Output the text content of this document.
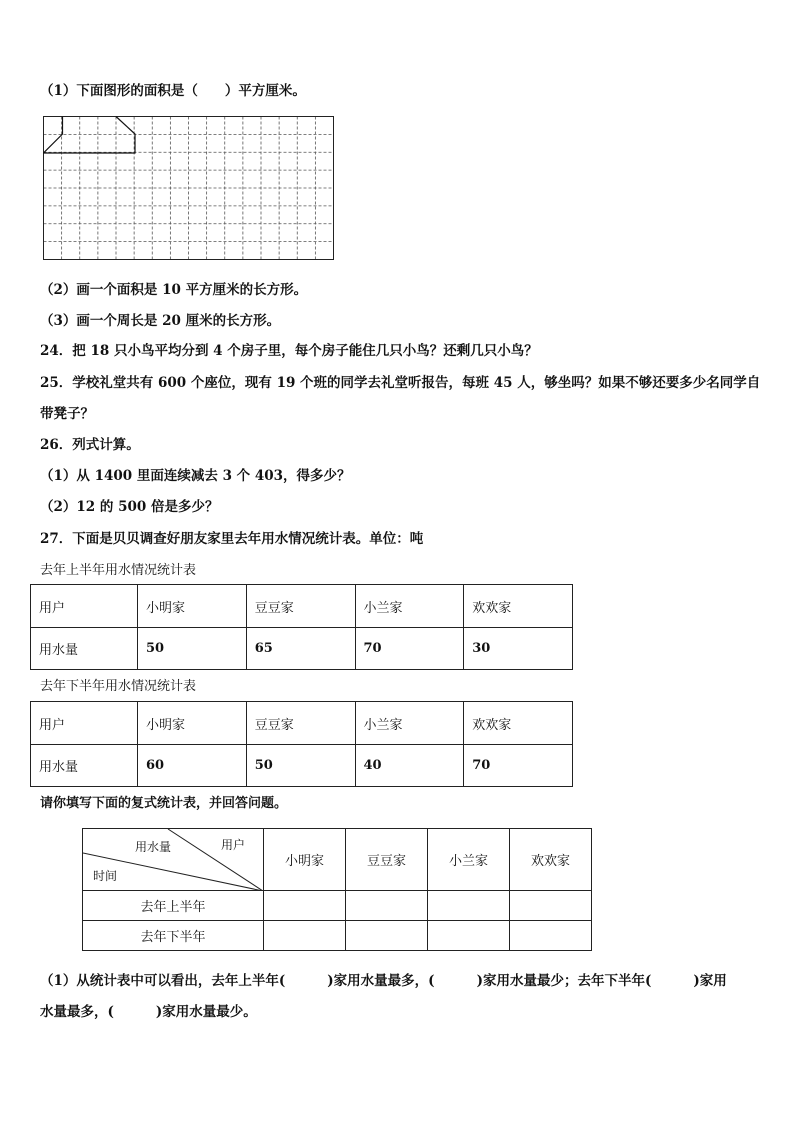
（1）下面图形的面积是（　　）平方厘米。
（2）画一个面积是 10 平方厘米的长方形。
（3）画一个周长是 20 厘米的长方形。
24．把 18 只小鸟平均分到 4 个房子里，每个房子能住几只小鸟？还剩几只小鸟？
25．学校礼堂共有 600 个座位，现有 19 个班的同学去礼堂听报告，每班 45 人，够坐吗？如果不够还要多少名同学自
带凳子？
26．列式计算。
（1）从 1400 里面连续减去 3 个 403，得多少？
（2）12 的 500 倍是多少？
27．下面是贝贝调查好朋友家里去年用水情况统计表。单位：吨
去年上半年用水情况统计表
用户	小明家	豆豆家	小兰家	欢欢家
用水量	50	65	70	30
去年下半年用水情况统计表
用户	小明家	豆豆家	小兰家	欢欢家
用水量	60	50	40	70
请你填写下面的复式统计表，并回答问题。
用户
用水量
时间	小明家	豆豆家	小兰家	欢欢家
去年上半年				
去年下半年				
（1）从统计表中可以看出，去年上半年(	)家用水量最多，(	)家用水量最少；去年下半年(	)家用
水量最多，(	)家用水量最少。
